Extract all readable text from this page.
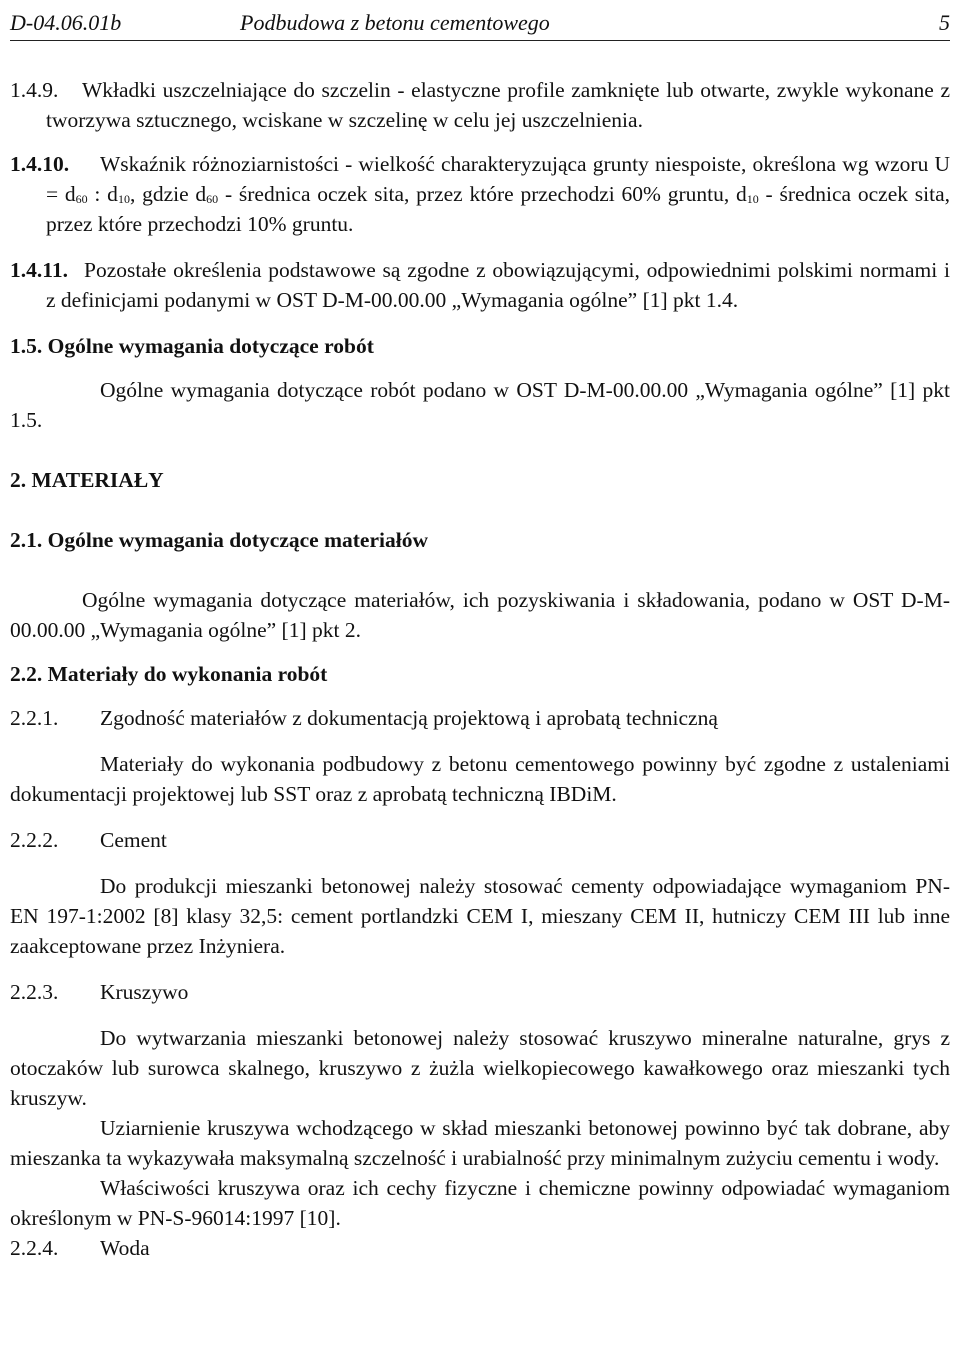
D-04.06.01b	Podbudowa z betonu cementowego	5

1.4.9. Wkładki uszczelniające do szczelin - elastyczne profile zamknięte lub otwarte, zwykle wykonane z tworzywa sztucznego, wciskane w szczelinę w celu jej uszczelnienia.

1.4.10. Wskaźnik różnoziarnistości - wielkość charakteryzująca grunty niespoiste, określona wg wzoru $U = d_{60}$ : $d_{10}$, gdzie $d_{60}$ - średnica oczek sita, przez które przechodzi 60% gruntu, $d_{10}$ - średnica oczek sita, przez które przechodzi 10% gruntu.

1.4.11. Pozostałe określenia podstawowe są zgodne z obowiązującymi, odpowiednimi polskimi normami i z definicjami podanymi w OST D-M-00.00.00 „Wymagania ogólne” [1] pkt 1.4.

1.5. Ogólne wymagania dotyczące robót

Ogólne wymagania dotyczące robót podano w OST D-M-00.00.00 „Wymagania ogólne” [1] pkt 1.5.

2. MATERIAŁY

2.1. Ogólne wymagania dotyczące materiałów

Ogólne wymagania dotyczące materiałów, ich pozyskiwania i składowania, podano w OST D-M-00.00.00 „Wymagania ogólne” [1] pkt 2.

2.2. Materiały do wykonania robót

2.2.1. Zgodność materiałów z dokumentacją projektową i aprobatą techniczną

Materiały do wykonania podbudowy z betonu cementowego powinny być zgodne z ustaleniami dokumentacji projektowej lub SST oraz z aprobatą techniczną IBDiM.

2.2.2. Cement

Do produkcji mieszanki betonowej należy stosować cementy odpowiadające wymaganiom PN-EN 197-1:2002 [8] klasy 32,5: cement portlandzki CEM I, mieszany CEM II, hutniczy CEM III lub inne zaakceptowane przez Inżyniera.

2.2.3. Kruszywo

Do wytwarzania mieszanki betonowej należy stosować kruszywo mineralne naturalne, grys z otoczaków lub surowca skalnego, kruszywo z żużla wielkopiecowego kawałkowego oraz mieszanki tych kruszyw.

Uziarnienie kruszywa wchodzącego w skład mieszanki betonowej powinno być tak dobrane, aby mieszanka ta wykazywała maksymalną szczelność i urabialność przy minimalnym zużyciu cementu i wody.

Właściwości kruszywa oraz ich cechy fizyczne i chemiczne powinny odpowiadać wymaganiom określonym w PN-S-96014:1997 [10].

2.2.4. Woda
